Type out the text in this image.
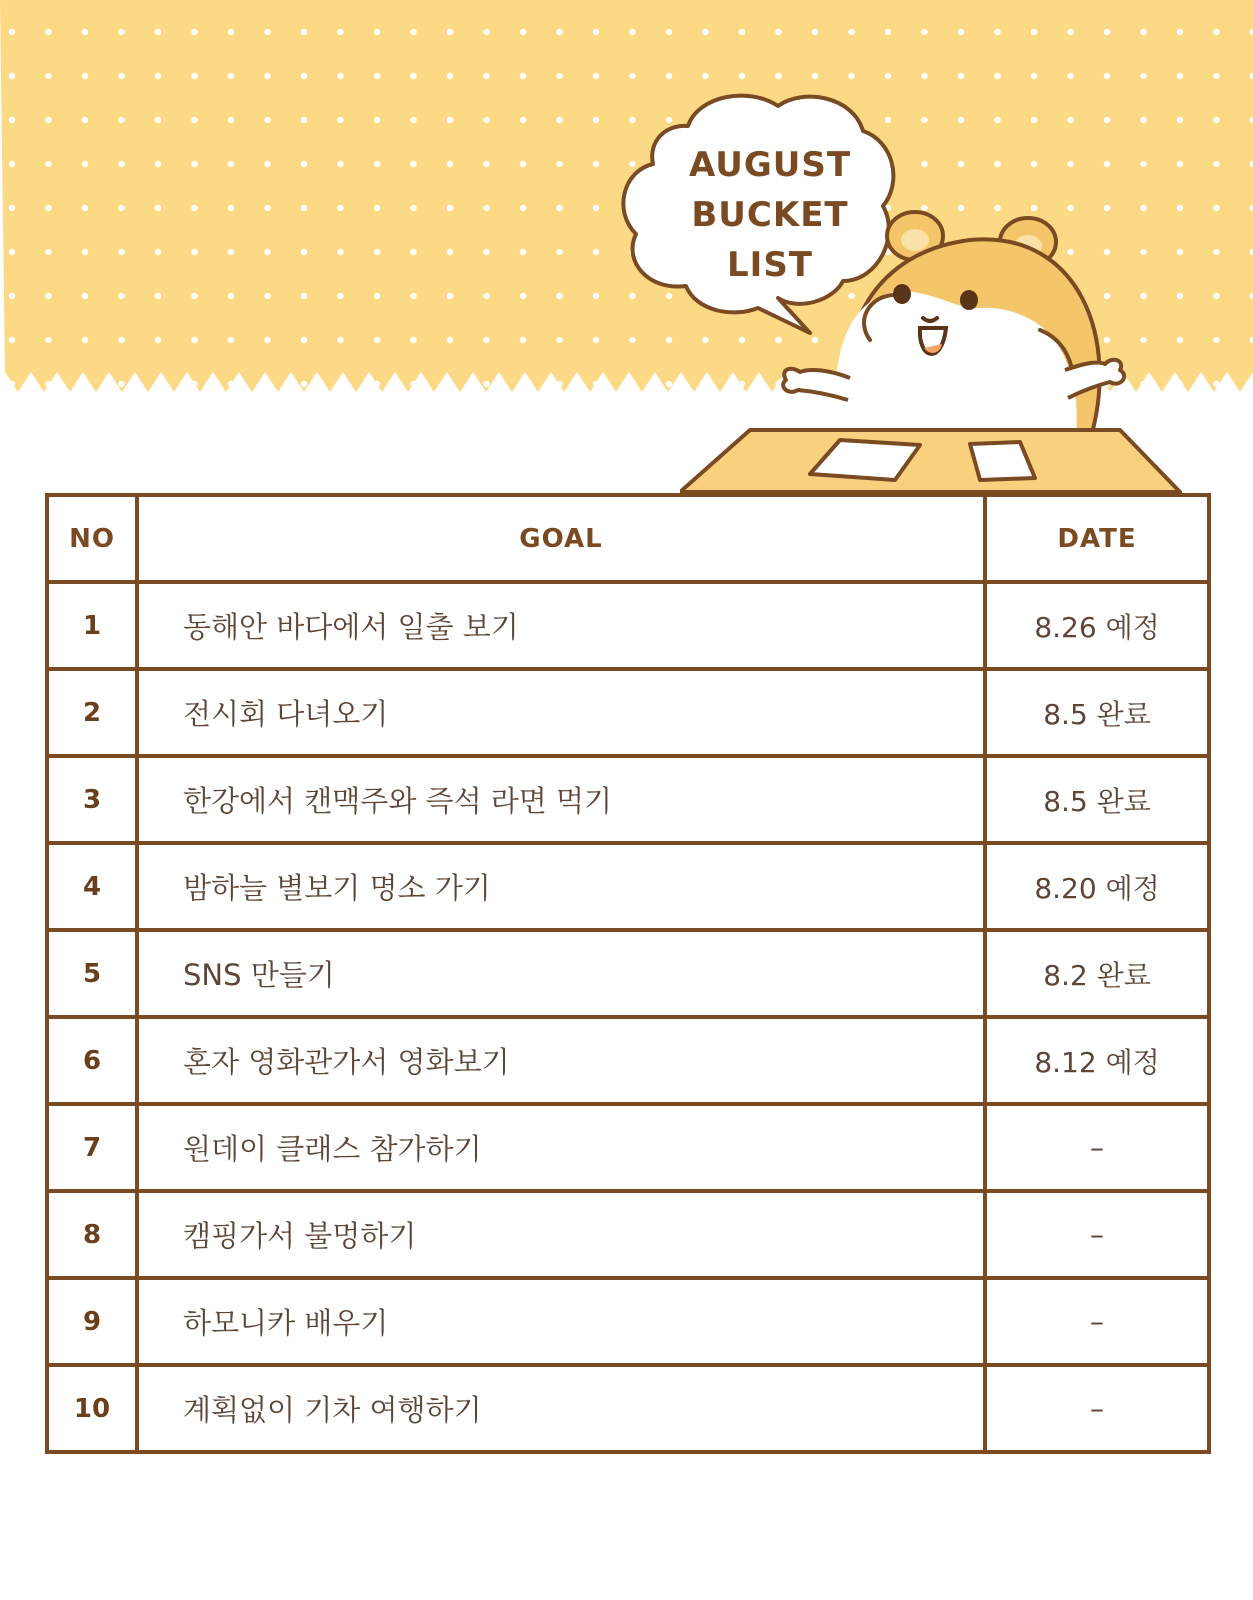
AUGUST
BUCKET
LIST
NO	GOAL	DATE
1	동해안 바다에서 일출 보기	8.26 예정
2	전시회 다녀오기	8.5 완료
3	한강에서 캔맥주와 즉석 라면 먹기	8.5 완료
4	밤하늘 별보기 명소 가기	8.20 예정
5	SNS 만들기	8.2 완료
6	혼자 영화관가서 영화보기	8.12 예정
7	원데이 클래스 참가하기	–
8	캠핑가서 불멍하기	–
9	하모니카 배우기	–
10	계획없이 기차 여행하기	–
